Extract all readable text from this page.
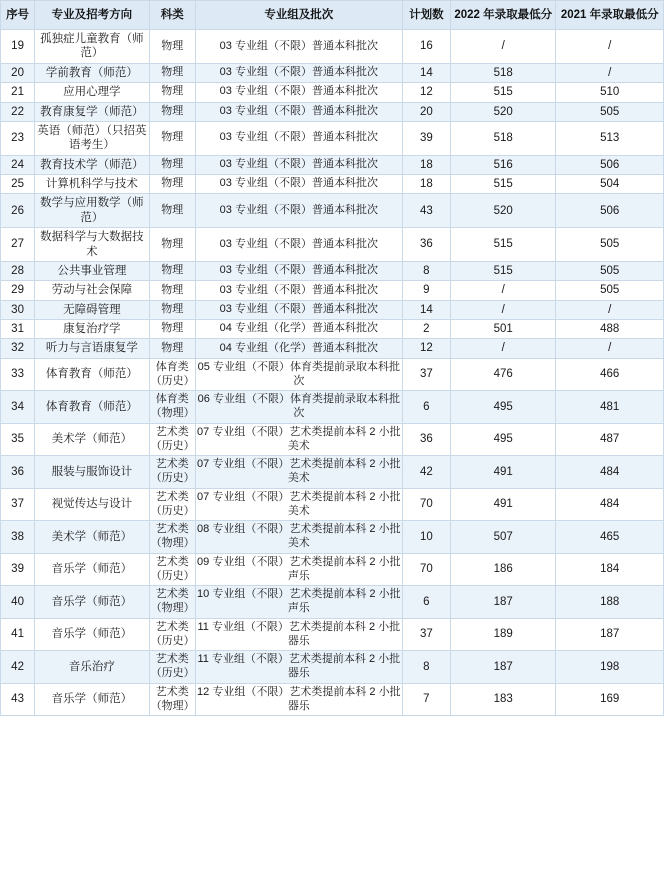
序号	专业及招考方向	科类	专业组及批次	计划数	2022 年录取最低分	2021 年录取最低分
19	孤独症儿童教育（师范）	物理	03 专业组（不限）普通本科批次	16	/	/
20	学前教育（师范）	物理	03 专业组（不限）普通本科批次	14	518	/
21	应用心理学	物理	03 专业组（不限）普通本科批次	12	515	510
22	教育康复学（师范）	物理	03 专业组（不限）普通本科批次	20	520	505
23	英语（师范）（只招英语考生）	物理	03 专业组（不限）普通本科批次	39	518	513
24	教育技术学（师范）	物理	03 专业组（不限）普通本科批次	18	516	506
25	计算机科学与技术	物理	03 专业组（不限）普通本科批次	18	515	504
26	数学与应用数学（师范）	物理	03 专业组（不限）普通本科批次	43	520	506
27	数据科学与大数据技术	物理	03 专业组（不限）普通本科批次	36	515	505
28	公共事业管理	物理	03 专业组（不限）普通本科批次	8	515	505
29	劳动与社会保障	物理	03 专业组（不限）普通本科批次	9	/	505
30	无障碍管理	物理	03 专业组（不限）普通本科批次	14	/	/
31	康复治疗学	物理	04 专业组（化学）普通本科批次	2	501	488
32	听力与言语康复学	物理	04 专业组（化学）普通本科批次	12	/	/
33	体育教育（师范）	体育类（历史）	05 专业组（不限）体育类提前录取本科批次	37	476	466
34	体育教育（师范）	体育类（物理）	06 专业组（不限）体育类提前录取本科批次	6	495	481
35	美术学（师范）	艺术类（历史）	07 专业组（不限）艺术类提前本科 2 小批美术	36	495	487
36	服装与服饰设计	艺术类（历史）	07 专业组（不限）艺术类提前本科 2 小批美术	42	491	484
37	视觉传达与设计	艺术类（历史）	07 专业组（不限）艺术类提前本科 2 小批美术	70	491	484
38	美术学（师范）	艺术类（物理）	08 专业组（不限）艺术类提前本科 2 小批美术	10	507	465
39	音乐学（师范）	艺术类（历史）	09 专业组（不限）艺术类提前本科 2 小批声乐	70	186	184
40	音乐学（师范）	艺术类（物理）	10 专业组（不限）艺术类提前本科 2 小批声乐	6	187	188
41	音乐学（师范）	艺术类（历史）	11 专业组（不限）艺术类提前本科 2 小批器乐	37	189	187
42	音乐治疗	艺术类（历史）	11 专业组（不限）艺术类提前本科 2 小批器乐	8	187	198
43	音乐学（师范）	艺术类（物理）	12 专业组（不限）艺术类提前本科 2 小批器乐	7	183	169
